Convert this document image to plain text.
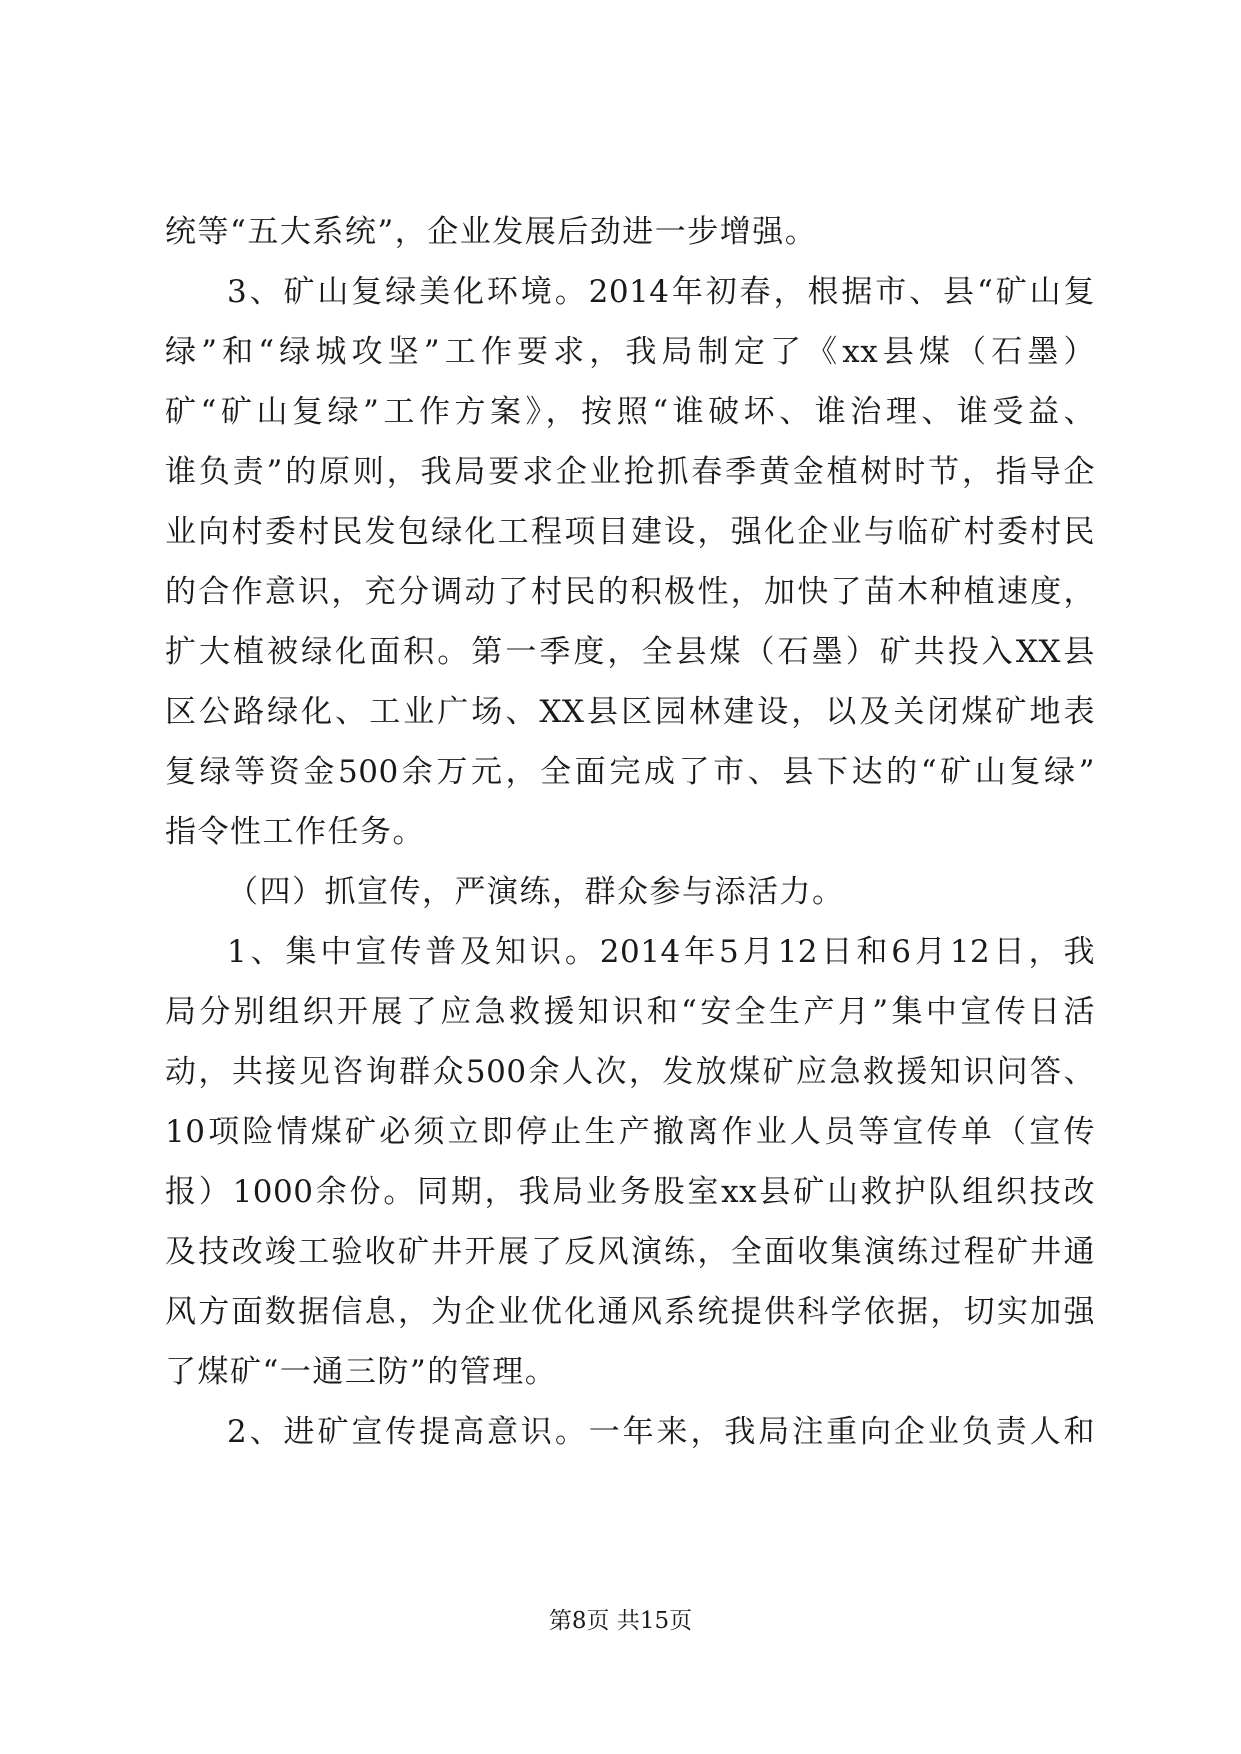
统等“五大系统”，企业发展后劲进一步增强。
3、矿山复绿美化环境。2014年初春，根据市、县“矿山复
绿”和“绿城攻坚”工作要求，我局制定了《xx县煤（石墨）
矿“矿山复绿”工作方案》，按照“谁破坏、谁治理、谁受益、
谁负责”的原则，我局要求企业抢抓春季黄金植树时节，指导企
业向村委村民发包绿化工程项目建设，强化企业与临矿村委村民
的合作意识，充分调动了村民的积极性，加快了苗木种植速度，
扩大植被绿化面积。第一季度，全县煤（石墨）矿共投入XX县
区公路绿化、工业广场、XX县区园林建设，以及关闭煤矿地表
复绿等资金500余万元，全面完成了市、县下达的“矿山复绿”
指令性工作任务。
（四）抓宣传，严演练，群众参与添活力。
1、集中宣传普及知识。2014年5月12日和6月12日，我
局分别组织开展了应急救援知识和“安全生产月”集中宣传日活
动，共接见咨询群众500余人次，发放煤矿应急救援知识问答、
10项险情煤矿必须立即停止生产撤离作业人员等宣传单（宣传
报）1000余份。同期，我局业务股室xx县矿山救护队组织技改
及技改竣工验收矿井开展了反风演练，全面收集演练过程矿井通
风方面数据信息，为企业优化通风系统提供科学依据，切实加强
了煤矿“一通三防”的管理。
2、进矿宣传提高意识。一年来，我局注重向企业负责人和
第8页 共15页
